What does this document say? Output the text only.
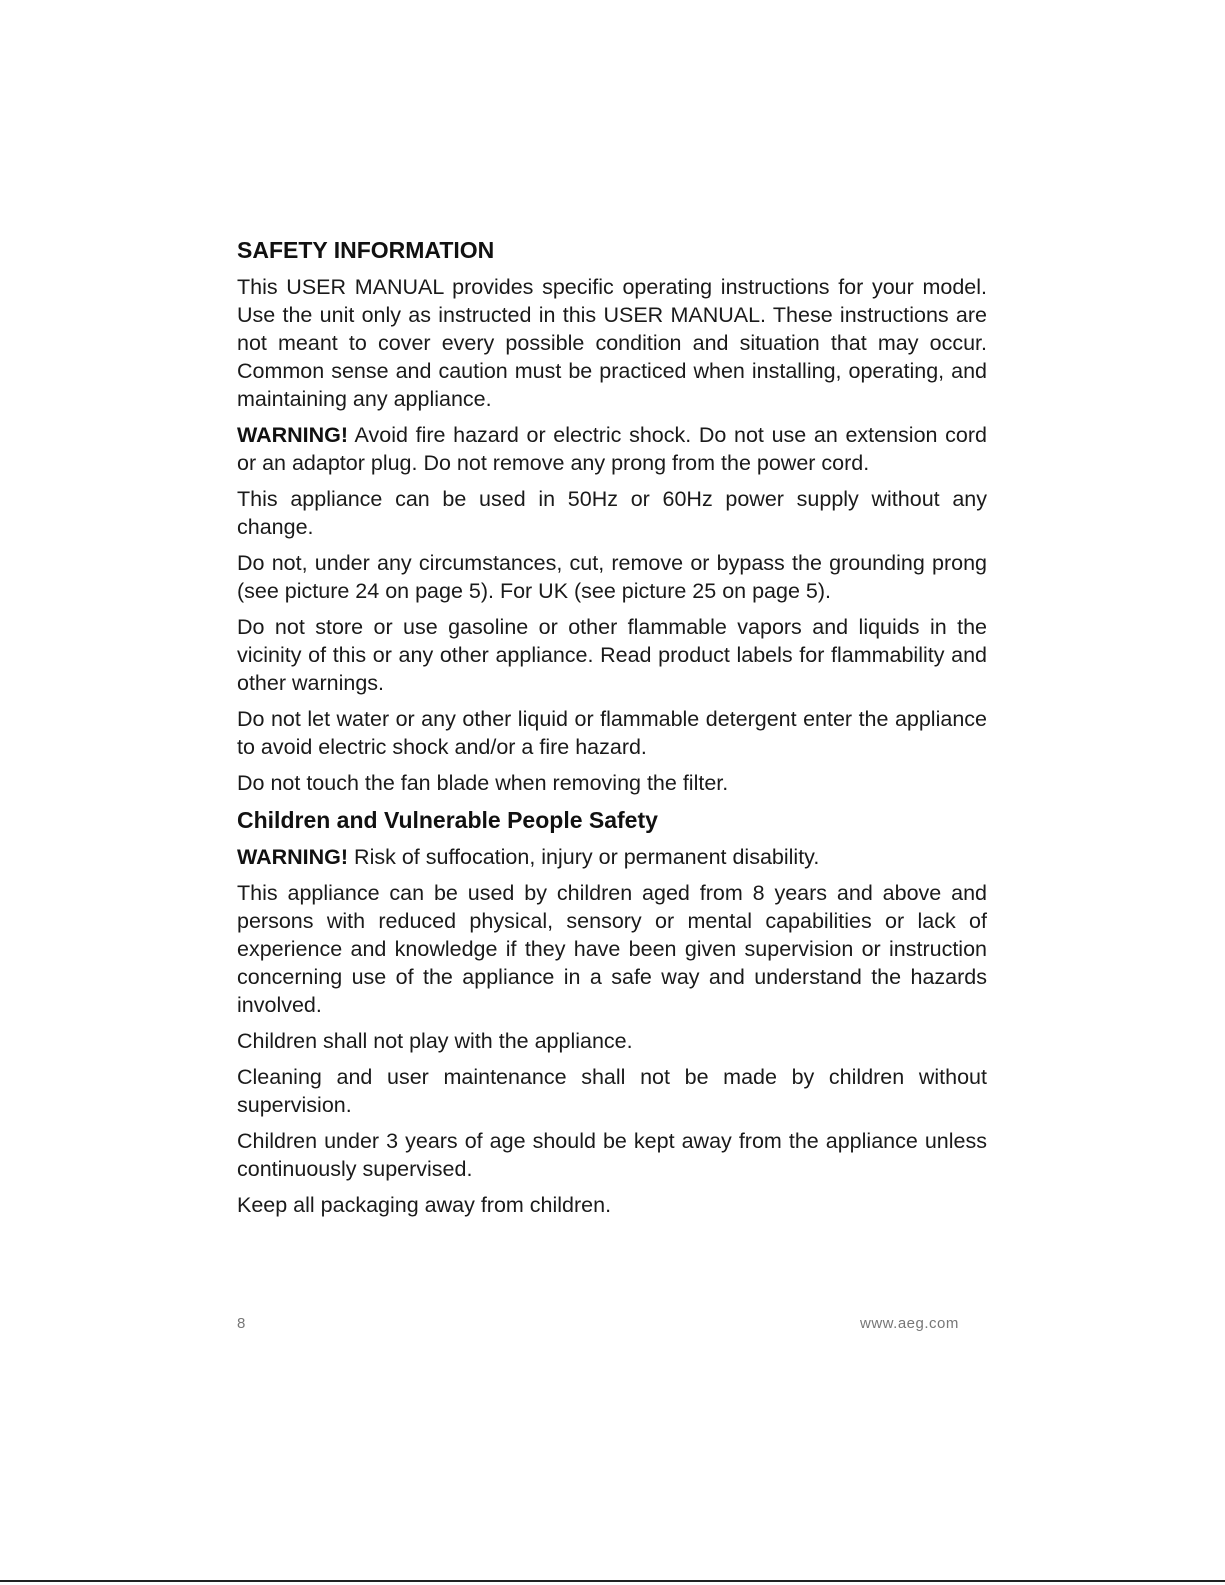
SAFETY INFORMATION

This USER MANUAL provides specific operating instructions for your model. Use the unit only as instructed in this USER MANUAL. These instructions are not meant to cover every possible condition and situation that may occur. Common sense and caution must be practiced when installing, operating, and maintaining any appliance.

WARNING! Avoid fire hazard or electric shock. Do not use an extension cord or an adaptor plug. Do not remove any prong from the power cord.

This appliance can be used in 50Hz or 60Hz power supply without any change.

Do not, under any circumstances, cut, remove or bypass the grounding prong (see picture 24 on page 5). For UK (see picture 25 on page 5).

Do not store or use gasoline or other flammable vapors and liquids in the vicinity of this or any other appliance. Read product labels for flammability and other warnings.

Do not let water or any other liquid or flammable detergent enter the appliance to avoid electric shock and/or a fire hazard.

Do not touch the fan blade when removing the filter.

Children and Vulnerable People Safety

WARNING! Risk of suffocation, injury or permanent disability.

This appliance can be used by children aged from 8 years and above and persons with reduced physical, sensory or mental capabilities or lack of experience and knowledge if they have been given supervision or instruction concerning use of the appliance in a safe way and understand the hazards involved.

Children shall not play with the appliance.

Cleaning and user maintenance shall not be made by children without supervision.

Children under 3 years of age should be kept away from the appliance unless continuously supervised.

Keep all packaging away from children.

8	www.aeg.com
